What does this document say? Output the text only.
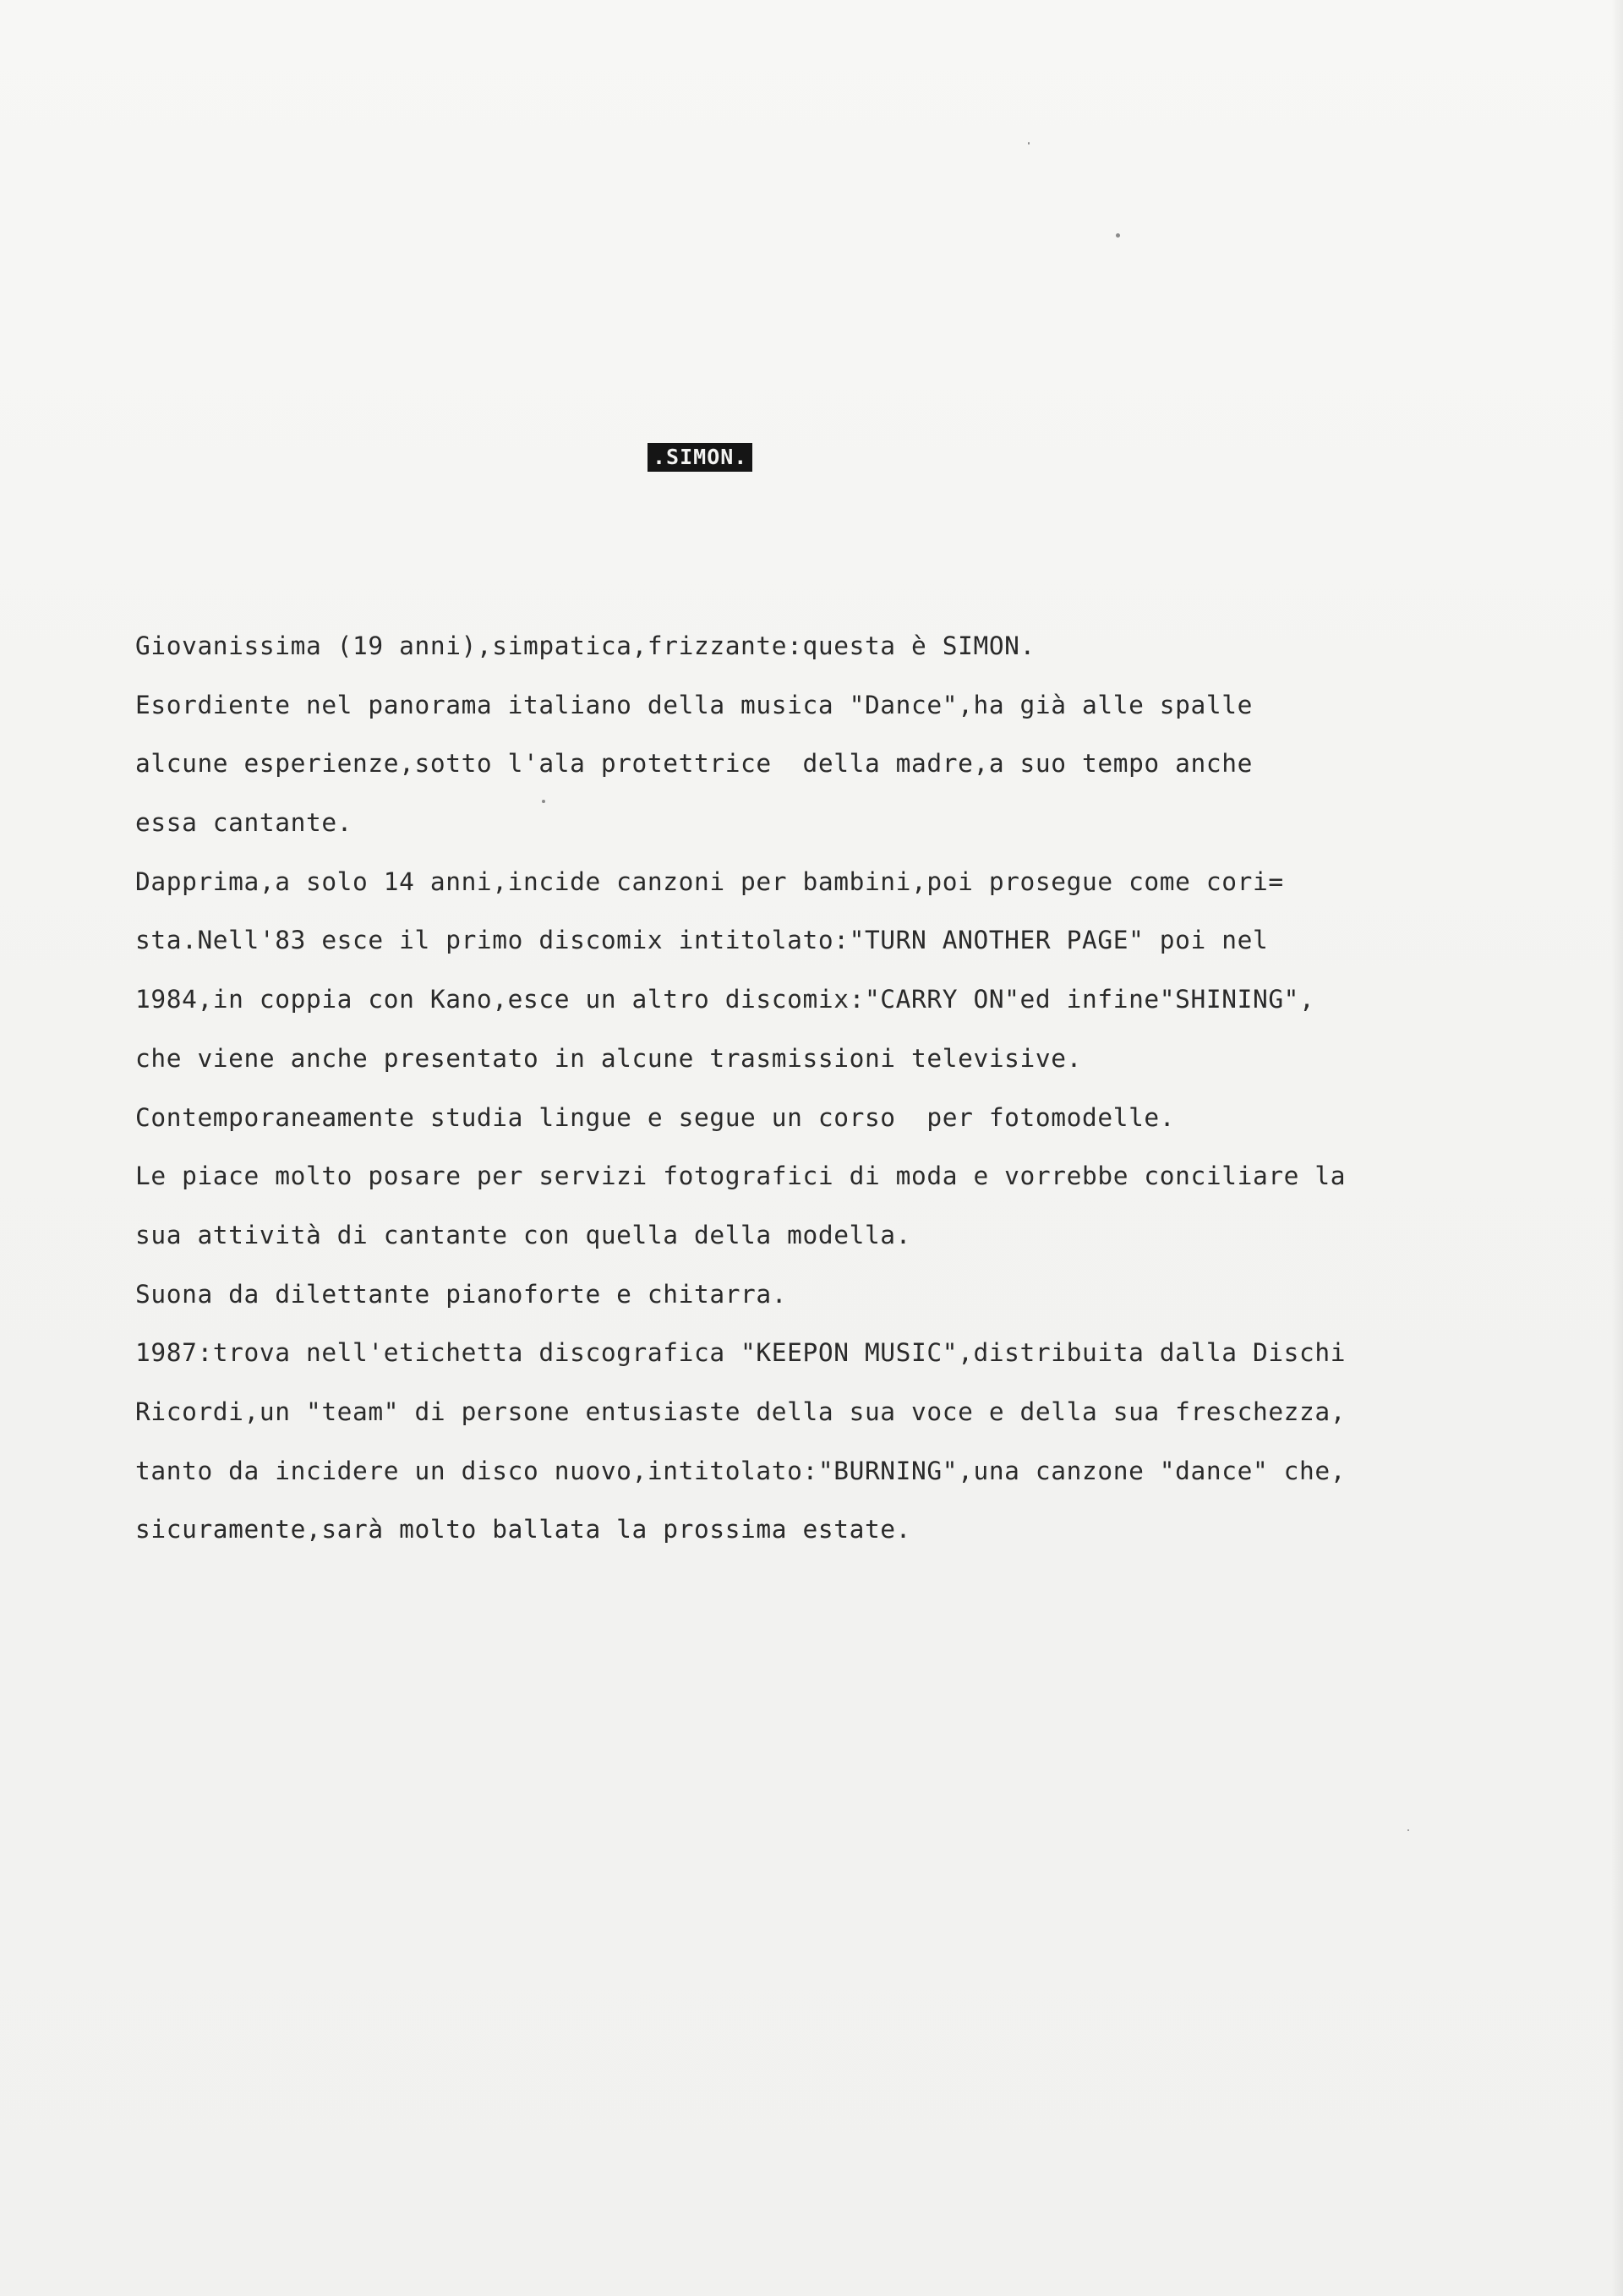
.SIMON.
Giovanissima (19 anni),simpatica,frizzante:questa è SIMON.
Esordiente nel panorama italiano della musica "Dance",ha già alle spalle
alcune esperienze,sotto l'ala protettrice  della madre,a suo tempo anche
essa cantante.
Dapprima,a solo 14 anni,incide canzoni per bambini,poi prosegue come cori=
sta.Nell'83 esce il primo discomix intitolato:"TURN ANOTHER PAGE" poi nel
1984,in coppia con Kano,esce un altro discomix:"CARRY ON"ed infine"SHINING",
che viene anche presentato in alcune trasmissioni televisive.
Contemporaneamente studia lingue e segue un corso  per fotomodelle.
Le piace molto posare per servizi fotografici di moda e vorrebbe conciliare la
sua attività di cantante con quella della modella.
Suona da dilettante pianoforte e chitarra.
1987:trova nell'etichetta discografica "KEEPON MUSIC",distribuita dalla Dischi
Ricordi,un "team" di persone entusiaste della sua voce e della sua freschezza,
tanto da incidere un disco nuovo,intitolato:"BURNING",una canzone "dance" che,
sicuramente,sarà molto ballata la prossima estate.
